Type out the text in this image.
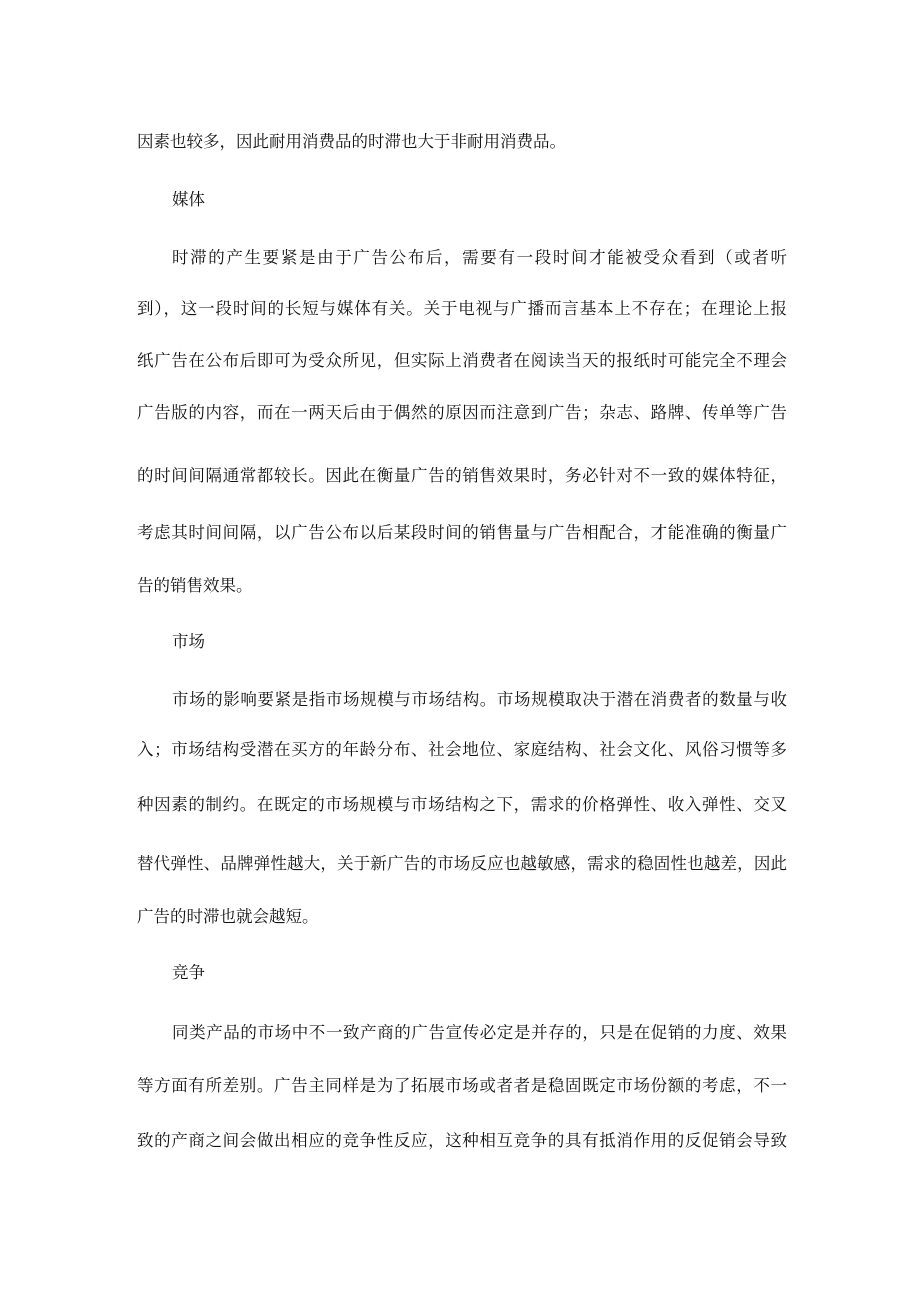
因素也较多，因此耐用消费品的时滞也大于非耐用消费品。
媒体
时滞的产生要紧是由于广告公布后，需要有一段时间才能被受众看到（或者听
到），这一段时间的长短与媒体有关。关于电视与广播而言基本上不存在；在理论上报
纸广告在公布后即可为受众所见，但实际上消费者在阅读当天的报纸时可能完全不理会
广告版的内容，而在一两天后由于偶然的原因而注意到广告；杂志、路牌、传单等广告
的时间间隔通常都较长。因此在衡量广告的销售效果时，务必针对不一致的媒体特征，
考虑其时间间隔，以广告公布以后某段时间的销售量与广告相配合，才能准确的衡量广
告的销售效果。
市场
市场的影响要紧是指市场规模与市场结构。市场规模取决于潜在消费者的数量与收
入；市场结构受潜在买方的年龄分布、社会地位、家庭结构、社会文化、风俗习惯等多
种因素的制约。在既定的市场规模与市场结构之下，需求的价格弹性、收入弹性、交叉
替代弹性、品牌弹性越大，关于新广告的市场反应也越敏感，需求的稳固性也越差，因此
广告的时滞也就会越短。
竞争
同类产品的市场中不一致产商的广告宣传必定是并存的，只是在促销的力度、效果
等方面有所差别。广告主同样是为了拓展市场或者者是稳固既定市场份额的考虑，不一
致的产商之间会做出相应的竞争性反应，这种相互竞争的具有抵消作用的反促销会导致
